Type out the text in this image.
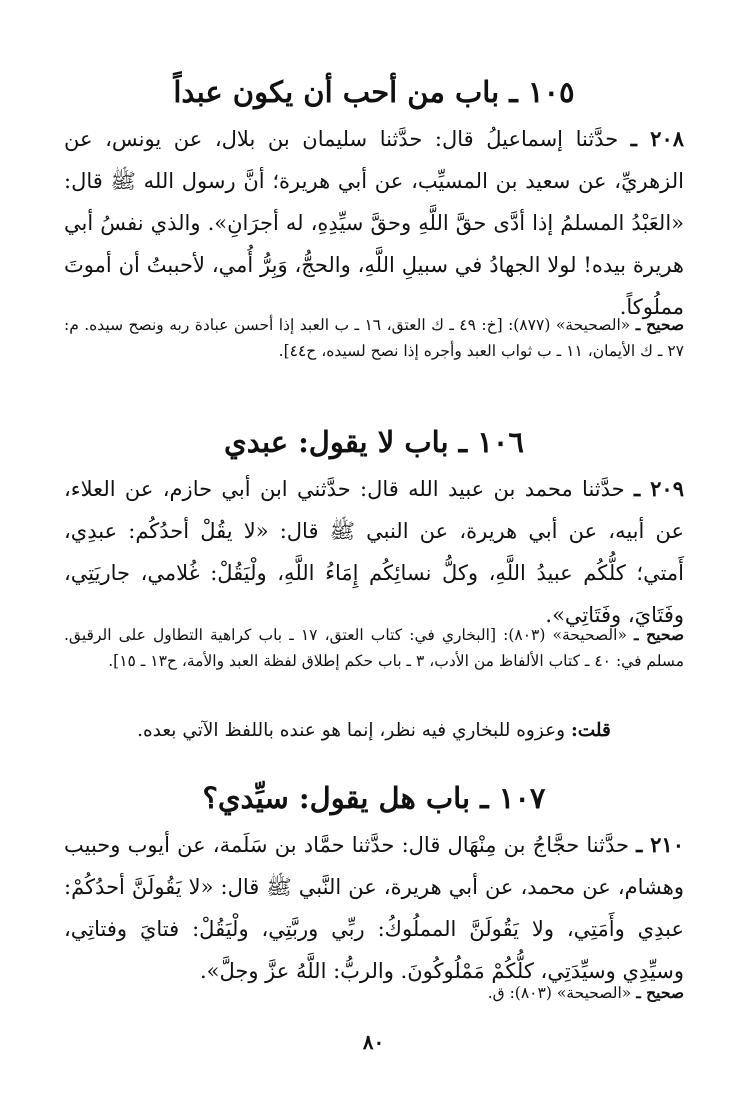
١٠٥ ـ باب من أحب أن يكون عبداً
٢٠٨ ـ حدَّثنا إسماعيلُ قال: حدَّثنا سليمان بن بلال، عن يونس، عن الزهريِّ، عن سعيد بن المسيِّب، عن أبي هريرة؛ أنَّ رسول الله ﷺ قال: «العَبْدُ المسلمُ إذا أدَّى حقَّ اللَّهِ وحقَّ سيِّدِهِ، له أجرَانِ». والذي نفسُ أبي هريرة بيده! لولا الجهادُ في سبيلِ اللَّهِ، والحجُّ، وَبِرُّ أُمي، لأحببتُ أن أموتَ مملُوكاً.
صحيح ـ «الصحيحة» (٨٧٧): [خ: ٤٩ ـ ك العتق، ١٦ ـ ب العبد إذا أحسن عبادة ربه ونصح سيده. م: ٢٧ ـ ك الأيمان، ١١ ـ ب ثواب العبد وأجره إذا نصح لسيده، ح٤٤].
١٠٦ ـ باب لا يقول: عبدي
٢٠٩ ـ حدَّثنا محمد بن عبيد الله قال: حدَّثني ابن أبي حازم، عن العلاء، عن أبيه، عن أبي هريرة، عن النبي ﷺ قال: «لا يقُلْ أحدُكُم: عبدِي، أَمتي؛ كلُّكُم عبيدُ اللَّهِ، وكلُّ نسائِكُم إِمَاءُ اللَّهِ، ولْيَقُلْ: غُلامي، جاريَتِي، وفَتَايَ، وفَتَاتِي».
صحيح ـ «الصحيحة» (٨٠٣): [البخاري في: كتاب العتق، ١٧ ـ باب كراهية التطاول على الرقيق. مسلم في: ٤٠ ـ كتاب الألفاظ من الأدب، ٣ ـ باب حكم إطلاق لفظة العبد والأمة، ح١٣ ـ ١٥].
قلت: وعزوه للبخاري فيه نظر، إنما هو عنده باللفظ الآتي بعده.
١٠٧ ـ باب هل يقول: سيِّدي؟
٢١٠ ـ حدَّثنا حجَّاجُ بن مِنْهَال قال: حدَّثنا حمَّاد بن سَلَمة، عن أيوب وحبيب وهشام، عن محمد، عن أبي هريرة، عن النَّبي ﷺ قال: «لا يَقُولَنَّ أحدُكُمْ: عبدِي وأَمَتِي، ولا يَقُولَنَّ المملُوكُ: ربِّي وربَّتِي، ولْيَقُلْ: فتايَ وفتاتِي، وسيِّدِي وسيِّدَتِي، كلُّكُمْ مَمْلُوكُونَ. والربُّ: اللَّهُ عزَّ وجلَّ».
صحيح ـ «الصحيحة» (٨٠٣): ق.
٨٠
